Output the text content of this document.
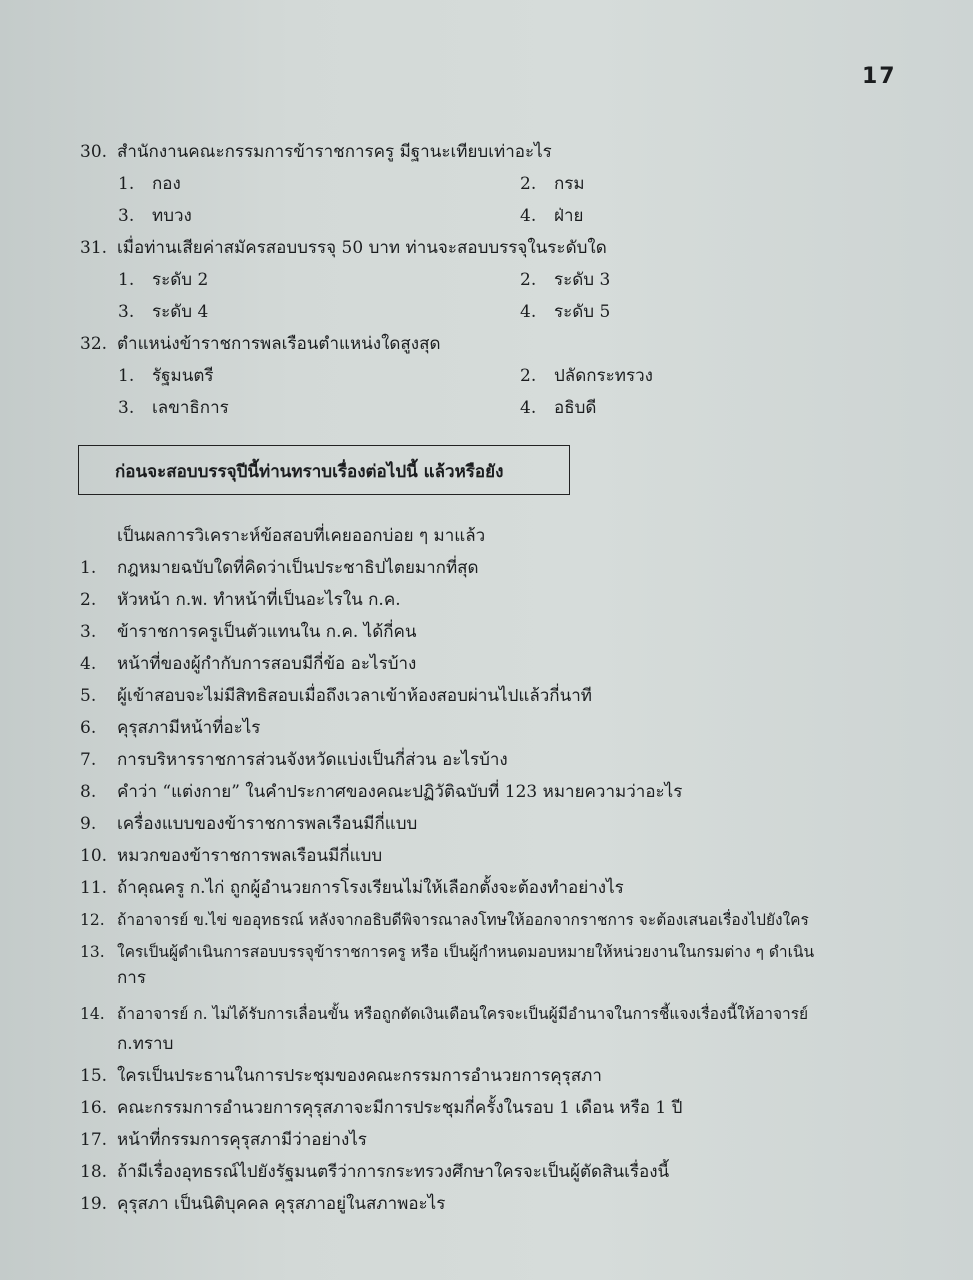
17
30. สำนักงานคณะกรรมการข้าราชการครู มีฐานะเทียบเท่าอะไร
1. กอง	2. กรม
3. ทบวง	4. ฝ่าย
31. เมื่อท่านเสียค่าสมัครสอบบรรจุ 50 บาท ท่านจะสอบบรรจุในระดับใด
1. ระดับ 2	2. ระดับ 3
3. ระดับ 4	4. ระดับ 5
32. ตำแหน่งข้าราชการพลเรือนตำแหน่งใดสูงสุด
1. รัฐมนตรี	2. ปลัดกระทรวง
3. เลขาธิการ	4. อธิบดี
ก่อนจะสอบบรรจุปีนี้ท่านทราบเรื่องต่อไปนี้ แล้วหรือยัง
เป็นผลการวิเคราะห์ข้อสอบที่เคยออกบ่อย ๆ มาแล้ว
1.	กฎหมายฉบับใดที่คิดว่าเป็นประชาธิปไตยมากที่สุด
2.	หัวหน้า ก.พ. ทำหน้าที่เป็นอะไรใน ก.ค.
3.	ข้าราชการครูเป็นตัวแทนใน ก.ค. ได้กี่คน
4.	หน้าที่ของผู้กำกับการสอบมีกี่ข้อ อะไรบ้าง
5.	ผู้เข้าสอบจะไม่มีสิทธิสอบเมื่อถึงเวลาเข้าห้องสอบผ่านไปแล้วกี่นาที
6.	คุรุสภามีหน้าที่อะไร
7.	การบริหารราชการส่วนจังหวัดแบ่งเป็นกี่ส่วน อะไรบ้าง
8.	คำว่า “แต่งกาย” ในคำประกาศของคณะปฏิวัติฉบับที่ 123 หมายความว่าอะไร
9.	เครื่องแบบของข้าราชการพลเรือนมีกี่แบบ
10. หมวกของข้าราชการพลเรือนมีกี่แบบ
11. ถ้าคุณครู ก.ไก่ ถูกผู้อำนวยการโรงเรียนไม่ให้เลือกตั้งจะต้องทำอย่างไร
12. ถ้าอาจารย์ ข.ไข่ ขออุทธรณ์ หลังจากอธิบดีพิจารณาลงโทษให้ออกจากราชการ จะต้องเสนอเรื่องไปยังใคร
13. ใครเป็นผู้ดำเนินการสอบบรรจุข้าราชการครู หรือ เป็นผู้กำหนดมอบหมายให้หน่วยงานในกรมต่าง ๆ ดำเนิน
การ
14. ถ้าอาจารย์ ก. ไม่ได้รับการเลื่อนขั้น หรือถูกตัดเงินเดือนใครจะเป็นผู้มีอำนาจในการชี้แจงเรื่องนี้ให้อาจารย์
ก.ทราบ
15. ใครเป็นประธานในการประชุมของคณะกรรมการอำนวยการคุรุสภา
16. คณะกรรมการอำนวยการคุรุสภาจะมีการประชุมกี่ครั้งในรอบ 1 เดือน หรือ 1 ปี
17. หน้าที่กรรมการคุรุสภามีว่าอย่างไร
18. ถ้ามีเรื่องอุทธรณ์ไปยังรัฐมนตรีว่าการกระทรวงศึกษาใครจะเป็นผู้ตัดสินเรื่องนี้
19. คุรุสภา เป็นนิติบุคคล คุรุสภาอยู่ในสภาพอะไร
